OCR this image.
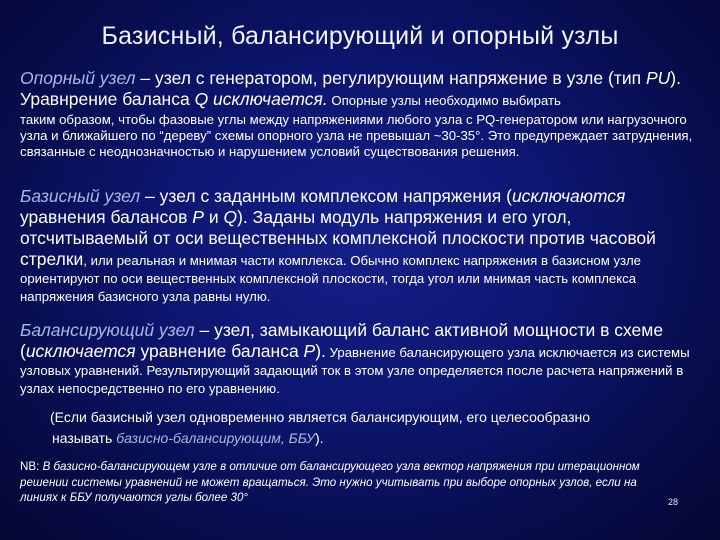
Базисный, балансирующий и опорный узлы
Опорный узел – узел с генератором, регулирующим напряжение в узле (тип PU). Уравнрение баланса Q исключается. Опорные узлы необходимо выбирать
таким образом, чтобы фазовые углы между напряжениями любого узла с PQ-генератором или нагрузочного узла и ближайшего по “дереву” схемы опорного узла не превышал ~30-35°. Это предупреждает затруднения, связанные с неоднозначностью и нарушением условий существования решения.
Базисный узел – узел с заданным комплексом напряжения (исключаются уравнения балансов P и Q). Заданы модуль напряжения и его угол, отсчитываемый от оси вещественных комплексной плоскости против часовой стрелки, или реальная и мнимая части комплекса. Обычно комплекс напряжения в базисном узле ориентируют по оси вещественных комплексной плоскости, тогда угол или мнимая часть комплекса напряжения базисного узла равны нулю.
Балансирующий узел – узел, замыкающий баланс активной мощности в схеме (исключается уравнение баланса P). Уравнение балансирующего узла исключается из системы узловых уравнений. Результирующий задающий ток в этом узле определяется после расчета напряжений в узлах непосредственно по его уравнению.
(Если базисный узел одновременно является балансирующим, его целесообразно
называть базисно-балансирующим, ББУ).
NB: В базисно-балансирующем узле в отличие от балансирующего узла вектор напряжения при итерационном решении системы уравнений не может вращаться. Это нужно учитывать при выборе опорных узлов, если на линиях к ББУ получаются углы более 30°	28
